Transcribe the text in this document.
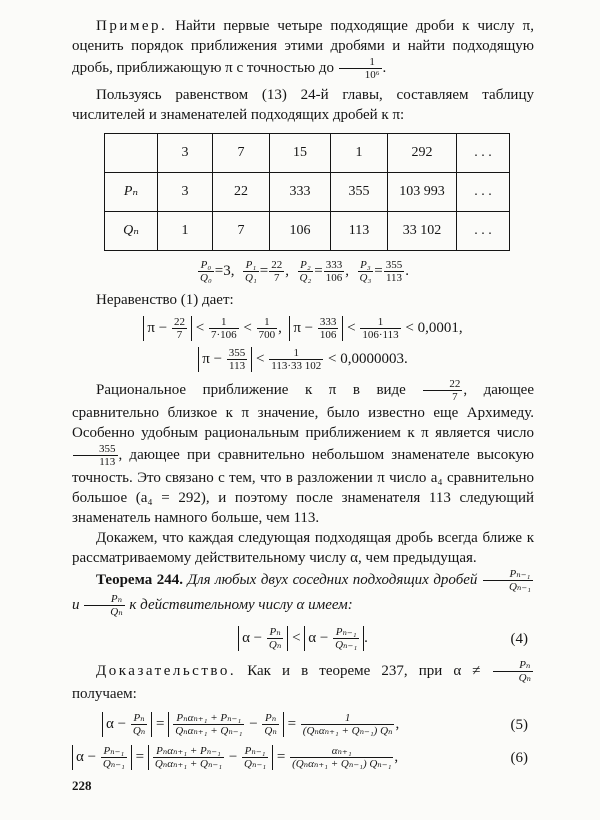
Пример. Найти первые четыре подходящие дроби к числу π, оценить порядок приближения этими дробями и найти подходящую дробь, приближающую π с точностью до $\frac{1}{\text{10⁶}}$ .

Пользуясь равенством (13) 24-й главы, составляем таблицу числителей и знаменателей подходящих дробей к π:

	3	7	15	1	292	. . .
Pₙ	3	22	333	355	103 993	. . .
Qₙ	1	7	106	113	33 102	. . .
$\frac{\text{P₀}}{\text{Q₀}} =3$, $\frac{\text{P₁}}{\text{Q₁}} = \frac{22}{7}$ , $\frac{\text{P₂}}{\text{Q₂}} = \frac{333}{106}$ , $\frac{\text{P₃}}{\text{Q₃}} = \frac{355}{113}$ .

Неравенство (1) дает:

$\pi - \frac{22}{7} < \frac{1}{7\cdot 106} < \frac{1}{700}$ ,  $\pi - \frac{333}{106} < \frac{1}{106\cdot 113} < 0,0001$,
$\pi - \frac{355}{113} < \frac{1}{113\cdot 33 102} < 0,0000003$.

Рациональное приближение к π в виде $\frac{22}{7}$ , дающее сравнительно близкое к π значение, было известно еще Архимеду. Особенно удобным рациональным приближением к π является число
$\frac{355}{113}$ , дающее при сравнительно небольшом знаменателе высокую точность. Это связано с тем, что в разложении π число a₄ сравнительно большое (a₄ = 292), и поэтому после знаменателя 113 следующий знаменатель намного больше, чем 113.

Докажем, что каждая следующая подходящая дробь всегда ближе к рассматриваемому действительному числу α, чем предыдущая.

Теорема 244. Для любых двух соседних подходящих дробей $\frac{\text{Pₙ₋₁}}{\text{Qₙ₋₁}}$
и $\frac{\text{Pₙ}}{\text{Qₙ}}$ к действительному числу α имеем:

$\alpha - \frac{\text{Pₙ}}{\text{Qₙ}} < \alpha - \frac{\text{Pₙ₋₁}}{\text{Qₙ₋₁}}$ .	(4)

Доказательство. Как и в теореме 237, при $\alpha \ne \frac{\text{Pₙ}}{\text{Qₙ}}$
получаем:

$\alpha - \frac{\text{Pₙ}}{\text{Qₙ}} = \frac{\text{Pₙαₙ₊₁ + Pₙ₋₁}}{\text{Qₙαₙ₊₁ + Qₙ₋₁}} - \frac{\text{Pₙ}}{\text{Qₙ}} = \frac{1}{\text{(Qₙαₙ₊₁ + Qₙ₋₁) Qₙ}}$ ,	(5)
$\alpha - \frac{\text{Pₙ₋₁}}{\text{Qₙ₋₁}} = \frac{\text{Pₙαₙ₊₁ + Pₙ₋₁}}{\text{Qₙαₙ₊₁ + Qₙ₋₁}} - \frac{\text{Pₙ₋₁}}{\text{Qₙ₋₁}} = \frac{\text{αₙ₊₁}}{\text{(Qₙαₙ₊₁ + Qₙ₋₁) Qₙ₋₁}}$ ,	(6)
228
